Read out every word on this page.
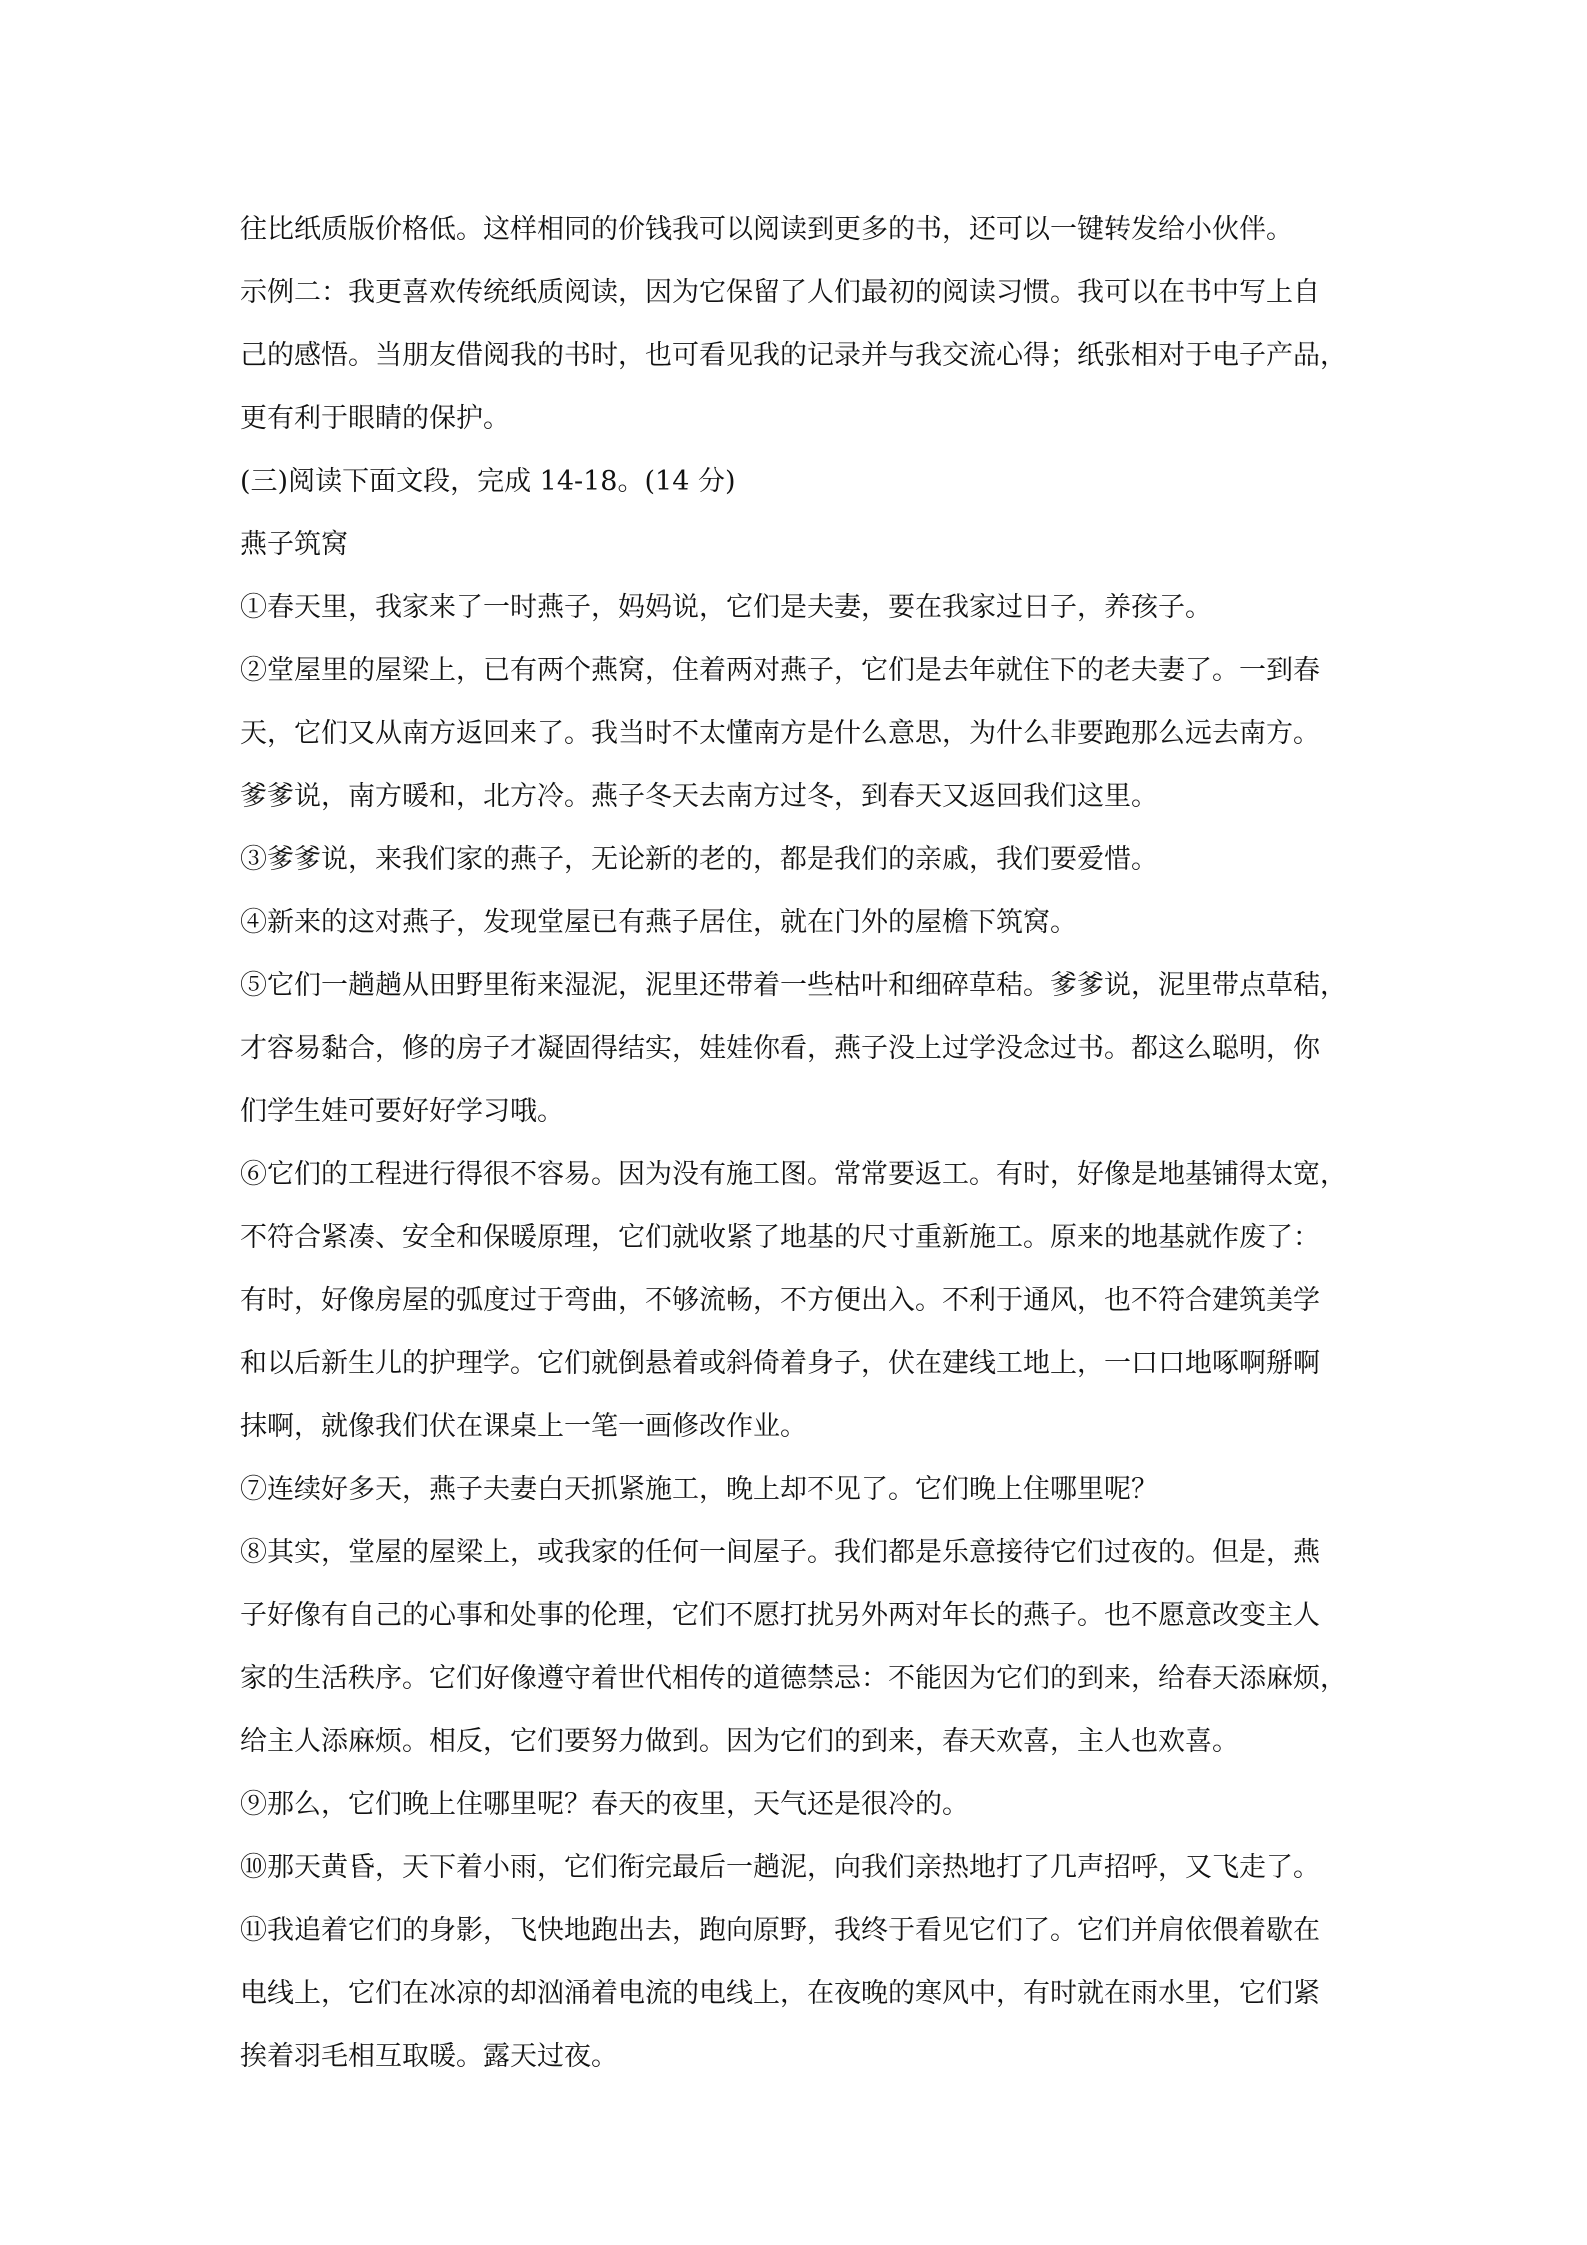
往比纸质版价格低。这样相同的价钱我可以阅读到更多的书，还可以一键转发给小伙伴。
示例二：我更喜欢传统纸质阅读，因为它保留了人们最初的阅读习惯。我可以在书中写上自
己的感悟。当朋友借阅我的书时，也可看见我的记录并与我交流心得；纸张相对于电子产品，
更有利于眼睛的保护。
(三)阅读下面文段，完成 14-18。(14 分)
燕子筑窝
①春天里，我家来了一时燕子，妈妈说，它们是夫妻，要在我家过日子，养孩子。
②堂屋里的屋梁上，已有两个燕窝，住着两对燕子，它们是去年就住下的老夫妻了。一到春
天，它们又从南方返回来了。我当时不太懂南方是什么意思，为什么非要跑那么远去南方。
爹爹说，南方暖和，北方冷。燕子冬天去南方过冬，到春天又返回我们这里。
③爹爹说，来我们家的燕子，无论新的老的，都是我们的亲戚，我们要爱惜。
④新来的这对燕子，发现堂屋已有燕子居住，就在门外的屋檐下筑窝。
⑤它们一趟趟从田野里衔来湿泥，泥里还带着一些枯叶和细碎草秸。爹爹说，泥里带点草秸，
才容易黏合，修的房子才凝固得结实，娃娃你看，燕子没上过学没念过书。都这么聪明，你
们学生娃可要好好学习哦。
⑥它们的工程进行得很不容易。因为没有施工图。常常要返工。有时，好像是地基铺得太宽，
不符合紧凑、安全和保暖原理，它们就收紧了地基的尺寸重新施工。原来的地基就作废了：
有时，好像房屋的弧度过于弯曲，不够流畅，不方便出入。不利于通风，也不符合建筑美学
和以后新生儿的护理学。它们就倒悬着或斜倚着身子，伏在建线工地上，一口口地啄啊掰啊
抹啊，就像我们伏在课桌上一笔一画修改作业。
⑦连续好多天，燕子夫妻白天抓紧施工，晚上却不见了。它们晚上住哪里呢？
⑧其实，堂屋的屋梁上，或我家的任何一间屋子。我们都是乐意接待它们过夜的。但是，燕
子好像有自己的心事和处事的伦理，它们不愿打扰另外两对年长的燕子。也不愿意改变主人
家的生活秩序。它们好像遵守着世代相传的道德禁忌：不能因为它们的到来，给春天添麻烦，
给主人添麻烦。相反，它们要努力做到。因为它们的到来，春天欢喜，主人也欢喜。
⑨那么，它们晚上住哪里呢？春天的夜里，天气还是很冷的。
⑩那天黄昏，天下着小雨，它们衔完最后一趟泥，向我们亲热地打了几声招呼，又飞走了。
⑪我追着它们的身影，飞快地跑出去，跑向原野，我终于看见它们了。它们并肩依偎着歇在
电线上，它们在冰凉的却汹涌着电流的电线上，在夜晚的寒风中，有时就在雨水里，它们紧
挨着羽毛相互取暖。露天过夜。
